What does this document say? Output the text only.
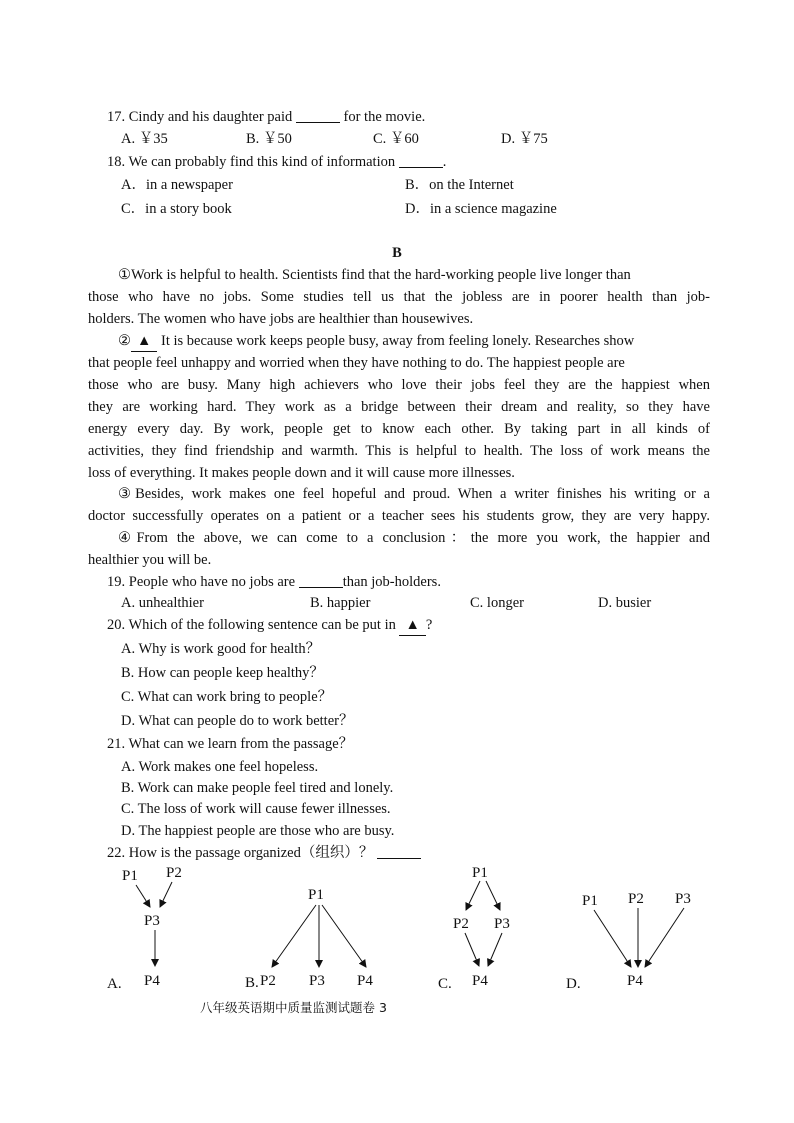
17. Cindy and his daughter paid	for the movie.
A. ￥35	B. ￥50	C. ￥60	D. ￥75
18. We can probably find this kind of information	.
A．in a newspaper	B．on the Internet
C．in a story book	D．in a science magazine
B
①Work is helpful to health. Scientists find that the hard-working people live longer than
those who have no jobs. Some studies tell us that the jobless are in poorer health than job-
holders. The women who have jobs are healthier than housewives.
② ▲ It is because work keeps people busy, away from feeling lonely. Researches show
that people feel unhappy and worried when they have nothing to do. The happiest people are
those who are busy. Many high achievers who love their jobs feel they are the happiest when
they are working hard. They work as a bridge between their dream and reality, so they have
energy every day. By work, people get to know each other. By taking part in all kinds of
activities, they find friendship and warmth. This is helpful to health. The loss of work means the
loss of everything. It makes people down and it will cause more illnesses.
③Besides, work makes one feel hopeful and proud. When a writer finishes his writing or a
doctor successfully operates on a patient or a teacher sees his students grow, they are very happy.
④From the above, we can come to a conclusion：the more you work, the happier and
healthier you will be.
19. People who have no jobs are	than job-holders.
A. unhealthier	B. happier	C. longer	D. busier
20. Which of the following sentence can be put in ▲ ?
A. Why is work good for health？
B. How can people keep healthy？
C. What can work bring to people？
D. What can people do to work better？
21. What can we learn from the passage？
A. Work makes one feel hopeless.
B. Work can make people feel tired and lonely.
C. The loss of work will cause fewer illnesses.
D. The happiest people are those who are busy.
22. How is the passage organized（组织）？
P1 P2
P3
P4
A.
P1
P2 P3 P4
B.
P1
P2 P3
P4
C.
P1 P2 P3
P4
D.
八年级英语期中质量监测试题卷 3
